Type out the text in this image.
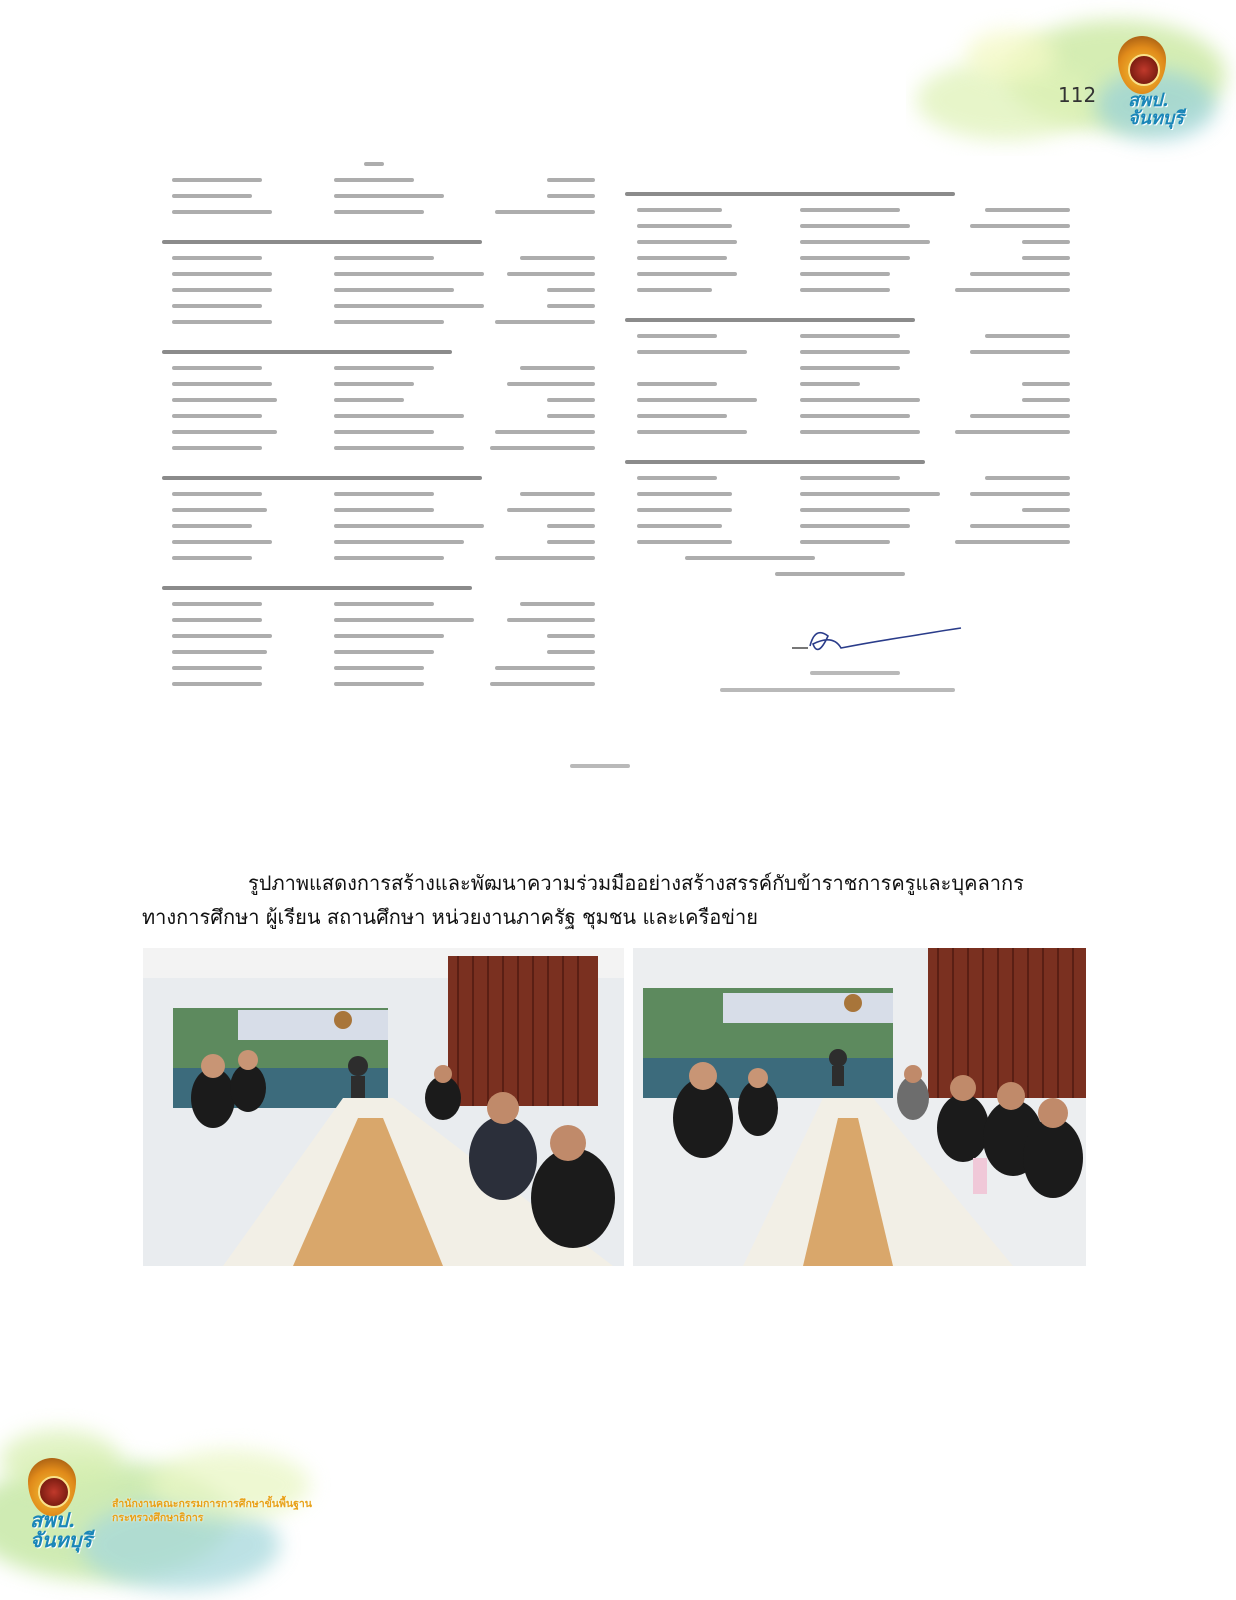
สพป.
จันทบุรี
112
รูปภาพแสดงการสร้างและพัฒนาความร่วมมืออย่างสร้างสรรค์กับข้าราชการครูและบุคลากร
ทางการศึกษา ผู้เรียน สถานศึกษา หน่วยงานภาครัฐ ชุมชน และเครือข่าย
สพป.
จันทบุรี
สำนักงานคณะกรรมการการศึกษาขั้นพื้นฐาน
กระทรวงศึกษาธิการ
